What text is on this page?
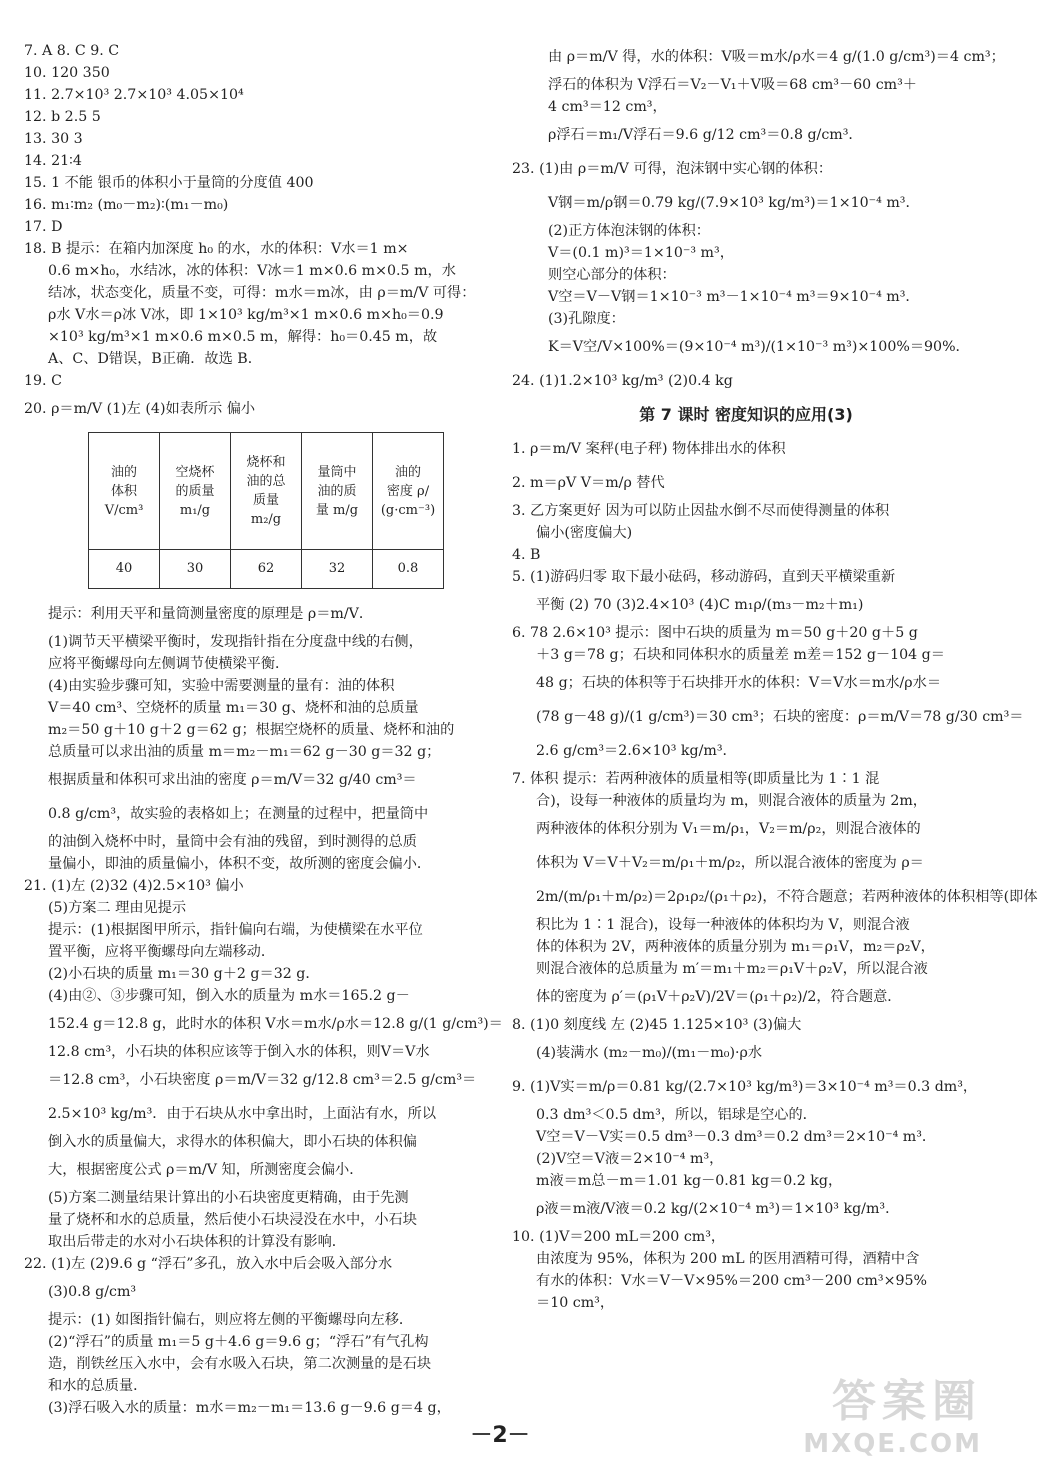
7. A 8. C 9. C
10. 120 350
11. 2.7×10³ 2.7×10³ 4.05×10⁴
12. b 2.5 5
13. 30 3
14. 21∶4
15. 1 不能 银币的体积小于量筒的分度值 400
16. m₁∶m₂ (m₀－m₂)∶(m₁－m₀)
17. D
18. B 提示：在箱内加深度 h₀ 的水，水的体积：V水＝1 m×
0.6 m×h₀，水结冰，冰的体积：V冰＝1 m×0.6 m×0.5 m，水
结冰，状态变化，质量不变，可得：m水＝m冰，由 ρ＝m/V 可得：
ρ水 V水＝ρ冰 V冰，即 1×10³ kg/m³×1 m×0.6 m×h₀＝0.9
×10³ kg/m³×1 m×0.6 m×0.5 m，解得：h₀＝0.45 m，故
A、C、D错误，B正确．故选 B．
19. C
20. ρ＝m/V (1)左 (4)如表所示 偏小
油的
体积
V/cm³	空烧杯
的质量
m₁/g	烧杯和
油的总
质量
m₂/g	量筒中
油的质
量 m/g	油的
密度 ρ/
(g·cm⁻³)
40	30	62	32	0.8
提示：利用天平和量筒测量密度的原理是 ρ＝m/V．
(1)调节天平横梁平衡时，发现指针指在分度盘中线的右侧，
应将平衡螺母向左侧调节使横梁平衡．
(4)由实验步骤可知，实验中需要测量的量有：油的体积
V＝40 cm³、空烧杯的质量 m₁＝30 g、烧杯和油的总质量
m₂＝50 g＋10 g＋2 g＝62 g；根据空烧杯的质量、烧杯和油的
总质量可以求出油的质量 m＝m₂－m₁＝62 g－30 g＝32 g；
根据质量和体积可求出油的密度 ρ＝m/V＝32 g/40 cm³＝
0.8 g/cm³，故实验的表格如上；在测量的过程中，把量筒中
的油倒入烧杯中时，量筒中会有油的残留，到时测得的总质
量偏小，即油的质量偏小，体积不变，故所测的密度会偏小．
21. (1)左 (2)32 (4)2.5×10³ 偏小
(5)方案二 理由见提示
提示：(1)根据图甲所示，指针偏向右端，为使横梁在水平位
置平衡，应将平衡螺母向左端移动．
(2)小石块的质量 m₁＝30 g＋2 g＝32 g．
(4)由②、③步骤可知，倒入水的质量为 m水＝165.2 g－
152.4 g＝12.8 g，此时水的体积 V水＝m水/ρ水＝12.8 g/(1 g/cm³)＝
12.8 cm³，小石块的体积应该等于倒入水的体积，则V＝V水
＝12.8 cm³，小石块密度 ρ＝m/V＝32 g/12.8 cm³＝2.5 g/cm³＝
2.5×10³ kg/m³．由于石块从水中拿出时，上面沾有水，所以
倒入水的质量偏大，求得水的体积偏大，即小石块的体积偏
大，根据密度公式 ρ＝m/V 知，所测密度会偏小．
(5)方案二测量结果计算出的小石块密度更精确，由于先测
量了烧杯和水的总质量，然后使小石块浸没在水中，小石块
取出后带走的水对小石块体积的计算没有影响．
22. (1)左 (2)9.6 g “浮石”多孔，放入水中后会吸入部分水
(3)0.8 g/cm³
提示：(1) 如图指针偏右，则应将左侧的平衡螺母向左移．
(2)“浮石”的质量 m₁＝5 g＋4.6 g＝9.6 g；“浮石”有气孔构
造，削铁丝压入水中，会有水吸入石块，第二次测量的是石块
和水的总质量．
(3)浮石吸入水的质量：m水＝m₂－m₁＝13.6 g－9.6 g＝4 g，
由 ρ＝m/V 得，水的体积：V吸＝m水/ρ水＝4 g/(1.0 g/cm³)＝4 cm³；
浮石的体积为 V浮石＝V₂－V₁＋V吸＝68 cm³－60 cm³＋
4 cm³＝12 cm³，
ρ浮石＝m₁/V浮石＝9.6 g/12 cm³＝0.8 g/cm³．
23. (1)由 ρ＝m/V 可得，泡沫钢中实心钢的体积：
V钢＝m/ρ钢＝0.79 kg/(7.9×10³ kg/m³)＝1×10⁻⁴ m³．
(2)正方体泡沫钢的体积：
V＝(0.1 m)³＝1×10⁻³ m³，
则空心部分的体积：
V空＝V－V钢＝1×10⁻³ m³－1×10⁻⁴ m³＝9×10⁻⁴ m³．
(3)孔隙度：
K＝V空/V×100%＝(9×10⁻⁴ m³)/(1×10⁻³ m³)×100%＝90%．
24. (1)1.2×10³ kg/m³ (2)0.4 kg
第 7 课时 密度知识的应用(3)
1. ρ＝m/V 案秤(电子秤) 物体排出水的体积
2. m＝ρV V＝m/ρ 替代
3. 乙方案更好 因为可以防止因盐水倒不尽而使得测量的体积
偏小(密度偏大)
4. B
5. (1)游码归零 取下最小砝码，移动游码，直到天平横梁重新
平衡 (2) 70 (3)2.4×10³ (4)C m₁ρ/(m₃－m₂＋m₁)
6. 78 2.6×10³ 提示：图中石块的质量为 m＝50 g＋20 g＋5 g
＋3 g＝78 g；石块和同体积水的质量差 m差＝152 g－104 g＝
48 g；石块的体积等于石块排开水的体积：V＝V水＝m水/ρ水＝
(78 g－48 g)/(1 g/cm³)＝30 cm³；石块的密度：ρ＝m/V＝78 g/30 cm³＝
2.6 g/cm³＝2.6×10³ kg/m³．
7. 体积 提示：若两种液体的质量相等(即质量比为 1∶1 混
合)，设每一种液体的质量均为 m，则混合液体的质量为 2m，
两种液体的体积分别为 V₁＝m/ρ₁，V₂＝m/ρ₂，则混合液体的
体积为 V＝V＋V₂＝m/ρ₁＋m/ρ₂，所以混合液体的密度为 ρ＝
2m/(m/ρ₁＋m/ρ₂)＝2ρ₁ρ₂/(ρ₁＋ρ₂)，不符合题意；若两种液体的体积相等(即体
积比为 1∶1 混合)，设每一种液体的体积均为 V，则混合液
体的体积为 2V，两种液体的质量分别为 m₁＝ρ₁V，m₂＝ρ₂V，
则混合液体的总质量为 m′＝m₁＋m₂＝ρ₁V＋ρ₂V，所以混合液
体的密度为 ρ′＝(ρ₁V＋ρ₂V)/2V＝(ρ₁＋ρ₂)/2，符合题意．
8. (1)0 刻度线 左 (2)45 1.125×10³ (3)偏大
(4)装满水 (m₂－m₀)/(m₁－m₀)·ρ水
9. (1)V实＝m/ρ＝0.81 kg/(2.7×10³ kg/m³)＝3×10⁻⁴ m³＝0.3 dm³，
0.3 dm³＜0.5 dm³，所以，铝球是空心的．
V空＝V－V实＝0.5 dm³－0.3 dm³＝0.2 dm³＝2×10⁻⁴ m³．
(2)V空＝V液＝2×10⁻⁴ m³，
m液＝m总－m＝1.01 kg－0.81 kg＝0.2 kg，
ρ液＝m液/V液＝0.2 kg/(2×10⁻⁴ m³)＝1×10³ kg/m³．
10. (1)V＝200 mL＝200 cm³，
由浓度为 95%，体积为 200 mL 的医用酒精可得，酒精中含
有水的体积：V水＝V－V×95%＝200 cm³－200 cm³×95%
＝10 cm³，
－2－
答案圈
MXQE.COM
